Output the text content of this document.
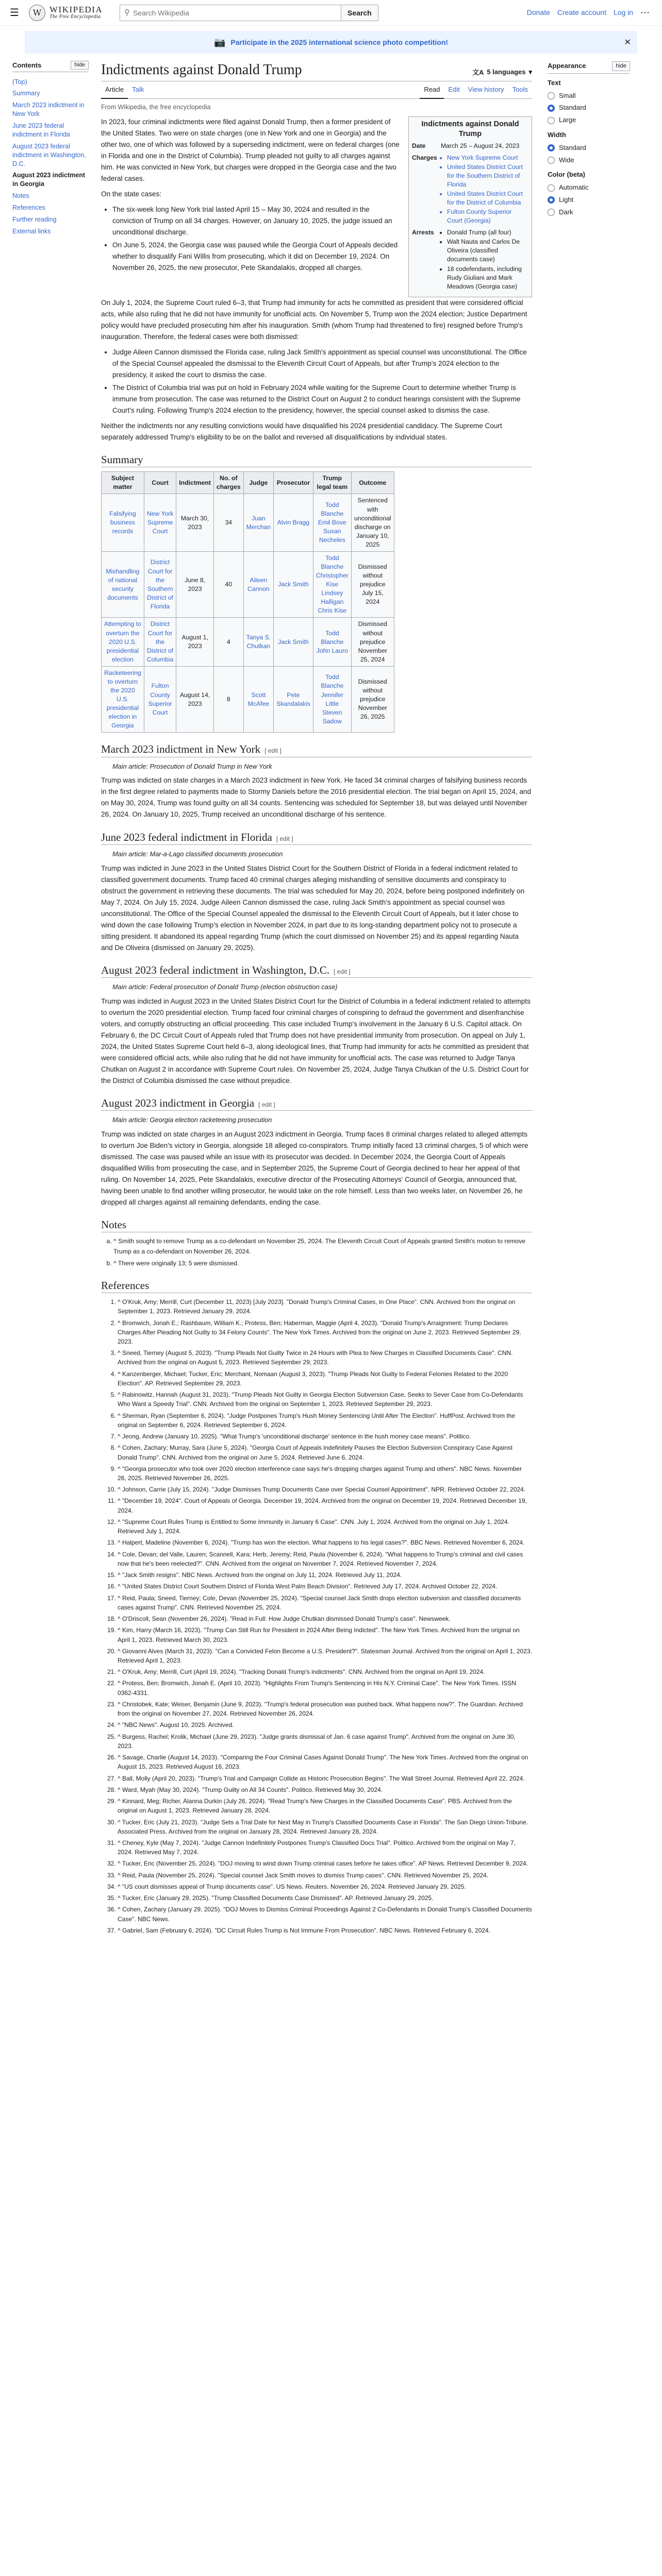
☰	W WIKIPEDIA
The Free Encyclopedia
⚲
Search Wikipedia	Search	Donate Create account Log in ⋯
📷 Participate in the 2025 international science photo competition!	✕
Contents	hide
(Top)
Summary
March 2023 indictment in New York
June 2023 federal indictment in Florida
August 2023 federal indictment in Washington, D.C.
August 2023 indictment in Georgia
Notes
References
Further reading
External links
Indictments against Donald Trump	文A 5 languages ▾
Article	Talk	Read	Edit	View history	Tools
From Wikipedia, the free encyclopedia

In 2023, four criminal indictments were filed against Donald Trump, then a former president of the United States. Two were on state charges (one in New York and one in Georgia) and the other two, one of which was followed by a superseding indictment, were on federal charges (one in Florida and one in the District of Columbia). Trump pleaded not guilty to all charges against him. He was convicted in New York, but charges were dropped in the Georgia case and the two federal cases.

On the state cases:

• The six-week long New York trial lasted April 15 – May 30, 2024 and resulted in the conviction of Trump on all 34 charges. However, on January 10, 2025, the judge issued an unconditional discharge.
• On June 5, 2024, the Georgia case was paused while the Georgia Court of Appeals decided whether to disqualify Fani Willis from prosecuting, which it did on December 19, 2024. On November 26, 2025, the new prosecutor, Pete Skandalakis, dropped all charges.
Indictments against Donald Trump
Date	March 25 – August 24, 2023
Charges	• New York Supreme Court
• United States District Court for the Southern District of Florida
• United States District Court for the District of Columbia
• Fulton County Superior Court (Georgia)
Arrests	• Donald Trump (all four)
• Walt Nauta and Carlos De Oliveira (classified documents case)
• 18 codefendants, including Rudy Giuliani and Mark Meadows (Georgia case)

On July 1, 2024, the Supreme Court ruled 6–3, that Trump had immunity for acts he committed as president that were considered official acts, while also ruling that he did not have immunity for unofficial acts. On November 5, Trump won the 2024 election; Justice Department policy would have precluded prosecuting him after his inauguration. Smith (whom Trump had threatened to fire) resigned before Trump's inauguration. Therefore, the federal cases were both dismissed:

• Judge Aileen Cannon dismissed the Florida case, ruling Jack Smith's appointment as special counsel was unconstitutional. The Office of the Special Counsel appealed the dismissal to the Eleventh Circuit Court of Appeals, but after Trump's 2024 election to the presidency, it asked the court to dismiss the case.
• The District of Columbia trial was put on hold in February 2024 while waiting for the Supreme Court to determine whether Trump is immune from prosecution. The case was returned to the District Court on August 2 to conduct hearings consistent with the Supreme Court's ruling. Following Trump's 2024 election to the presidency, however, the special counsel asked to dismiss the case.

Neither the indictments nor any resulting convictions would have disqualified his 2024 presidential candidacy. The Supreme Court separately addressed Trump's eligibility to be on the ballot and reversed all disqualifications by individual states.

Summary
Subject matter	Court	Indictment	No. of charges	Judge	Prosecutor	Trump legal team	Outcome
Falsifying business records	New York Supreme Court	March 30, 2023	34	Juan Merchan	Alvin Bragg	Todd Blanche Emil Bove Susan Necheles	Sentenced with unconditional discharge on January 10, 2025
Mishandling of national security documents	District Court for the Southern District of Florida	June 8, 2023	40	Aileen Cannon	Jack Smith	Todd Blanche Christopher Kise Lindsey Halligan Chris Kise	Dismissed without prejudice July 15, 2024
Attempting to overturn the 2020 U.S. presidential election	District Court for the District of Columbia	August 1, 2023	4	Tanya S. Chutkan	Jack Smith	Todd Blanche John Lauro	Dismissed without prejudice November 25, 2024
Racketeering to overturn the 2020 U.S. presidential election in Georgia	Fulton County Superior Court	August 14, 2023	8	Scott McAfee	Pete Skandalakis	Todd Blanche Jennifer Little Steven Sadow	Dismissed without prejudice November 26, 2025
March 2023 indictment in New York [ edit ]
Main article: Prosecution of Donald Trump in New York

Trump was indicted on state charges in a March 2023 indictment in New York. He faced 34 criminal charges of falsifying business records in the first degree related to payments made to Stormy Daniels before the 2016 presidential election. The trial began on April 15, 2024, and on May 30, 2024, Trump was found guilty on all 34 counts. Sentencing was scheduled for September 18, but was delayed until November 26, 2024. On January 10, 2025, Trump received an unconditional discharge of his sentence.

June 2023 federal indictment in Florida [ edit ]
Main article: Mar-a-Lago classified documents prosecution

Trump was indicted in June 2023 in the United States District Court for the Southern District of Florida in a federal indictment related to classified government documents. Trump faced 40 criminal charges alleging mishandling of sensitive documents and conspiracy to obstruct the government in retrieving these documents. The trial was scheduled for May 20, 2024, before being postponed indefinitely on May 7, 2024. On July 15, 2024, Judge Aileen Cannon dismissed the case, ruling Jack Smith's appointment as special counsel was unconstitutional. The Office of the Special Counsel appealed the dismissal to the Eleventh Circuit Court of Appeals, but it later chose to wind down the case following Trump's election in November 2024, in part due to its long-standing department policy not to prosecute a sitting president. It abandoned its appeal regarding Trump (which the court dismissed on November 25) and its appeal regarding Nauta and De Oliveira (dismissed on January 29, 2025).

August 2023 federal indictment in Washington, D.C. [ edit ]
Main article: Federal prosecution of Donald Trump (election obstruction case)

Trump was indicted in August 2023 in the United States District Court for the District of Columbia in a federal indictment related to attempts to overturn the 2020 presidential election. Trump faced four criminal charges of conspiring to defraud the government and disenfranchise voters, and corruptly obstructing an official proceeding. This case included Trump's involvement in the January 6 U.S. Capitol attack. On February 6, the DC Circuit Court of Appeals ruled that Trump does not have presidential immunity from prosecution. On appeal on July 1, 2024, the United States Supreme Court held 6–3, along ideological lines, that Trump had immunity for acts he committed as president that were considered official acts, while also ruling that he did not have immunity for unofficial acts. The case was returned to Judge Tanya Chutkan on August 2 in accordance with Supreme Court rules. On November 25, 2024, Judge Tanya Chutkan of the U.S. District Court for the District of Columbia dismissed the case without prejudice.

August 2023 indictment in Georgia [ edit ]
Main article: Georgia election racketeering prosecution

Trump was indicted on state charges in an August 2023 indictment in Georgia. Trump faces 8 criminal charges related to alleged attempts to overturn Joe Biden's victory in Georgia, alongside 18 alleged co-conspirators. Trump initially faced 13 criminal charges, 5 of which were dismissed. The case was paused while an issue with its prosecutor was decided. In December 2024, the Georgia Court of Appeals disqualified Willis from prosecuting the case, and in September 2025, the Supreme Court of Georgia declined to hear her appeal of that ruling. On November 14, 2025, Pete Skandalakis, executive director of the Prosecuting Attorneys' Council of Georgia, announced that, having been unable to find another willing prosecutor, he would take on the role himself. Less than two weeks later, on November 26, he dropped all charges against all remaining defendants, ending the case.

Notes
a. ^ Smith sought to remove Trump as a co-defendant on November 25, 2024. The Eleventh Circuit Court of Appeals granted Smith's motion to remove Trump as a co-defendant on November 26, 2024.
b. ^ There were originally 13; 5 were dismissed.
References
1. ^ O'Kruk, Amy; Merrill, Curt (December 11, 2023) [July 2023]. "Donald Trump's Criminal Cases, in One Place". CNN. Archived from the original on September 1, 2023. Retrieved January 29, 2024.
2. ^ Bromwich, Jonah E.; Rashbaum, William K.; Protess, Ben; Haberman, Maggie (April 4, 2023). "Donald Trump's Arraignment: Trump Declares Charges After Pleading Not Guilty to 34 Felony Counts". The New York Times. Archived from the original on June 2, 2023. Retrieved September 29, 2023.
3. ^ Sneed, Tierney (August 5, 2023). "Trump Pleads Not Guilty Twice in 24 Hours with Plea to New Charges in Classified Documents Case". CNN. Archived from the original on August 5, 2023. Retrieved September 29, 2023.
4. ^ Kanzenberger, Michael; Tucker, Eric; Merchant, Nomaan (August 3, 2023). "Trump Pleads Not Guilty to Federal Felonies Related to the 2020 Election". AP. Retrieved September 29, 2023.
5. ^ Rabinowitz, Hannah (August 31, 2023). "Trump Pleads Not Guilty in Georgia Election Subversion Case, Seeks to Sever Case from Co-Defendants Who Want a Speedy Trial". CNN. Archived from the original on September 1, 2023. Retrieved September 29, 2023.
6. ^ Sherman, Ryan (September 6, 2024). "Judge Postpones Trump's Hush Money Sentencing Until After The Election". HuffPost. Archived from the original on September 6, 2024. Retrieved September 6, 2024.
7. ^ Jeong, Andrew (January 10, 2025). "What Trump's 'unconditional discharge' sentence in the hush money case means". Politico.
8. ^ Cohen, Zachary; Murray, Sara (June 5, 2024). "Georgia Court of Appeals indefinitely Pauses the Election Subversion Conspiracy Case Against Donald Trump". CNN. Archived from the original on June 5, 2024. Retrieved June 6, 2024.
9. ^ "Georgia prosecutor who took over 2020 election interference case says he's dropping charges against Trump and others". NBC News. November 26, 2025. Retrieved November 26, 2025.
10. ^ Johnson, Carrie (July 15, 2024). "Judge Dismisses Trump Documents Case over Special Counsel Appointment". NPR. Retrieved October 22, 2024.
11. ^ "December 19, 2024". Court of Appeals of Georgia. December 19, 2024. Archived from the original on December 19, 2024. Retrieved December 19, 2024.
12. ^ "Supreme Court Rules Trump is Entitled to Some Immunity in January 6 Case". CNN. July 1, 2024. Archived from the original on July 1, 2024. Retrieved July 1, 2024.
13. ^ Halpert, Madeline (November 6, 2024). "Trump has won the election. What happens to his legal cases?". BBC News. Retrieved November 6, 2024.
14. ^ Cole, Devan; del Valle, Lauren; Scannell, Kara; Herb, Jeremy; Reid, Paula (November 6, 2024). "What happens to Trump's criminal and civil cases now that he's been reelected?". CNN. Archived from the original on November 7, 2024. Retrieved November 7, 2024.
15. ^ "Jack Smith resigns". NBC News. Archived from the original on July 11, 2024. Retrieved July 11, 2024.
16. ^ "United States District Court Southern District of Florida West Palm Beach Division". Retrieved July 17, 2024. Archived October 22, 2024.
17. ^ Reid, Paula; Sneed, Tierney; Cole, Devan (November 25, 2024). "Special counsel Jack Smith drops election subversion and classified documents cases against Trump". CNN. Retrieved November 25, 2024.
18. ^ O'Driscoll, Sean (November 26, 2024). "Read in Full: How Judge Chutkan dismissed Donald Trump's case". Newsweek.
19. ^ Kim, Harry (March 16, 2023). "Trump Can Still Run for President in 2024 After Being Indicted". The New York Times. Archived from the original on April 1, 2023. Retrieved March 30, 2023.
20. ^ Giovanni Alves (March 31, 2023). "Can a Convicted Felon Become a U.S. President?". Statesman Journal. Archived from the original on April 1, 2023. Retrieved April 1, 2023.
21. ^ O'Kruk, Amy; Merrill, Curt (April 19, 2024). "Tracking Donald Trump's indictments". CNN. Archived from the original on April 19, 2024.
22. ^ Protess, Ben; Bromwich, Jonah E. (April 10, 2023). "Highlights From Trump's Sentencing in His N.Y. Criminal Case". The New York Times. ISSN 0362-4331.
23. ^ Christobek, Kate; Weiser, Benjamin (June 9, 2023). "Trump's federal prosecution was pushed back. What happens now?". The Guardian. Archived from the original on November 27, 2024. Retrieved November 26, 2024.
24. ^ "NBC News". August 10, 2025. Archived.
25. ^ Burgess, Rachel; Krolik, Michael (June 29, 2023). "Judge grants dismissal of Jan. 6 case against Trump". Archived from the original on June 30, 2023.
26. ^ Savage, Charlie (August 14, 2023). "Comparing the Four Criminal Cases Against Donald Trump". The New York Times. Archived from the original on August 15, 2023. Retrieved August 16, 2023.
27. ^ Ball, Molly (April 20, 2023). "Trump's Trial and Campaign Collide as Historic Prosecution Begins". The Wall Street Journal. Retrieved April 22, 2024.
28. ^ Ward, Myah (May 30, 2024). "Trump Guilty on All 34 Counts". Politico. Retrieved May 30, 2024.
29. ^ Kinnard, Meg; Richer, Alanna Durkin (July 26, 2024). "Read Trump's New Charges in the Classified Documents Case". PBS. Archived from the original on August 1, 2023. Retrieved January 28, 2024.
30. ^ Tucker, Eric (July 21, 2023). "Judge Sets a Trial Date for Next May in Trump's Classified Documents Case in Florida". The San Diego Union-Tribune. Associated Press. Archived from the original on January 28, 2024. Retrieved January 28, 2024.
31. ^ Cheney, Kyle (May 7, 2024). "Judge Cannon Indefinitely Postpones Trump's Classified Docs Trial". Politico. Archived from the original on May 7, 2024. Retrieved May 7, 2024.
32. ^ Tucker, Eric (November 25, 2024). "DOJ moving to wind down Trump criminal cases before he takes office". AP News. Retrieved December 9, 2024.
33. ^ Reid, Paula (November 25, 2024). "Special counsel Jack Smith moves to dismiss Trump cases". CNN. Retrieved November 25, 2024.
34. ^ "US court dismisses appeal of Trump documents case". US News. Reuters. November 26, 2024. Retrieved January 29, 2025.
35. ^ Tucker, Eric (January 29, 2025). "Trump Classified Documents Case Dismissed". AP. Retrieved January 29, 2025.
36. ^ Cohen, Zachary (January 29, 2025). "DOJ Moves to Dismiss Criminal Proceedings Against 2 Co-Defendants in Donald Trump's Classified Documents Case". NBC News.
37. ^ Gabriel, Sam (February 6, 2024). "DC Circuit Rules Trump is Not Immune From Prosecution". NBC News. Retrieved February 6, 2024.
Appearance	hide
Text
Small
Standard
Large
Width
Standard
Wide
Color (beta)
Automatic
Light
Dark
